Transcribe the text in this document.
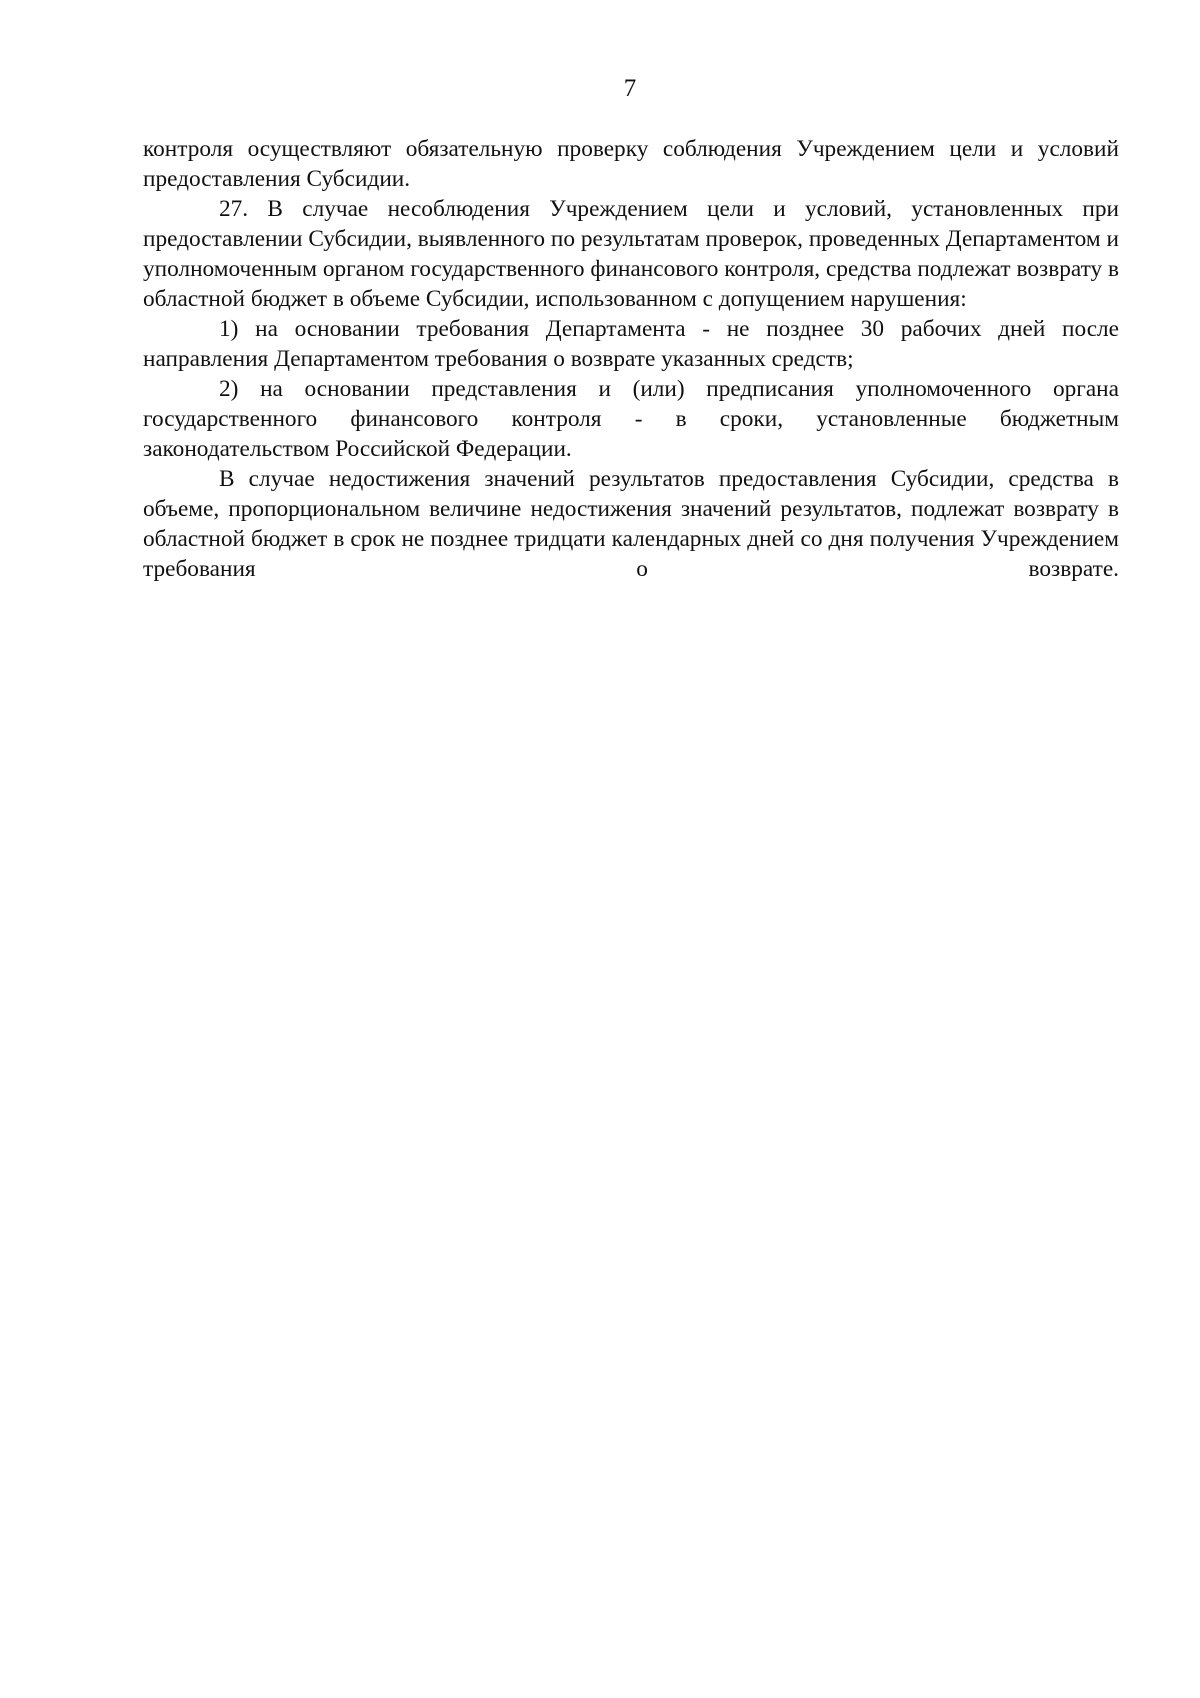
7

контроля осуществляют обязательную проверку соблюдения Учреждением цели и условий предоставления Субсидии.

27. В случае несоблюдения Учреждением цели и условий, установленных при предоставлении Субсидии, выявленного по результатам проверок, проведенных Департаментом и уполномоченным органом государственного финансового контроля, средства подлежат возврату в областной бюджет в объеме Субсидии, использованном с допущением нарушения:

1) на основании требования Департамента - не позднее 30 рабочих дней после направления Департаментом требования о возврате указанных средств;

2) на основании представления и (или) предписания уполномоченного органа государственного финансового контроля - в сроки, установленные бюджетным законодательством Российской Федерации.

В случае недостижения значений результатов предоставления Субсидии, средства в объеме, пропорциональном величине недостижения значений результатов, подлежат возврату в областной бюджет в срок не позднее тридцати календарных дней со дня получения Учреждением требования о возврате.
